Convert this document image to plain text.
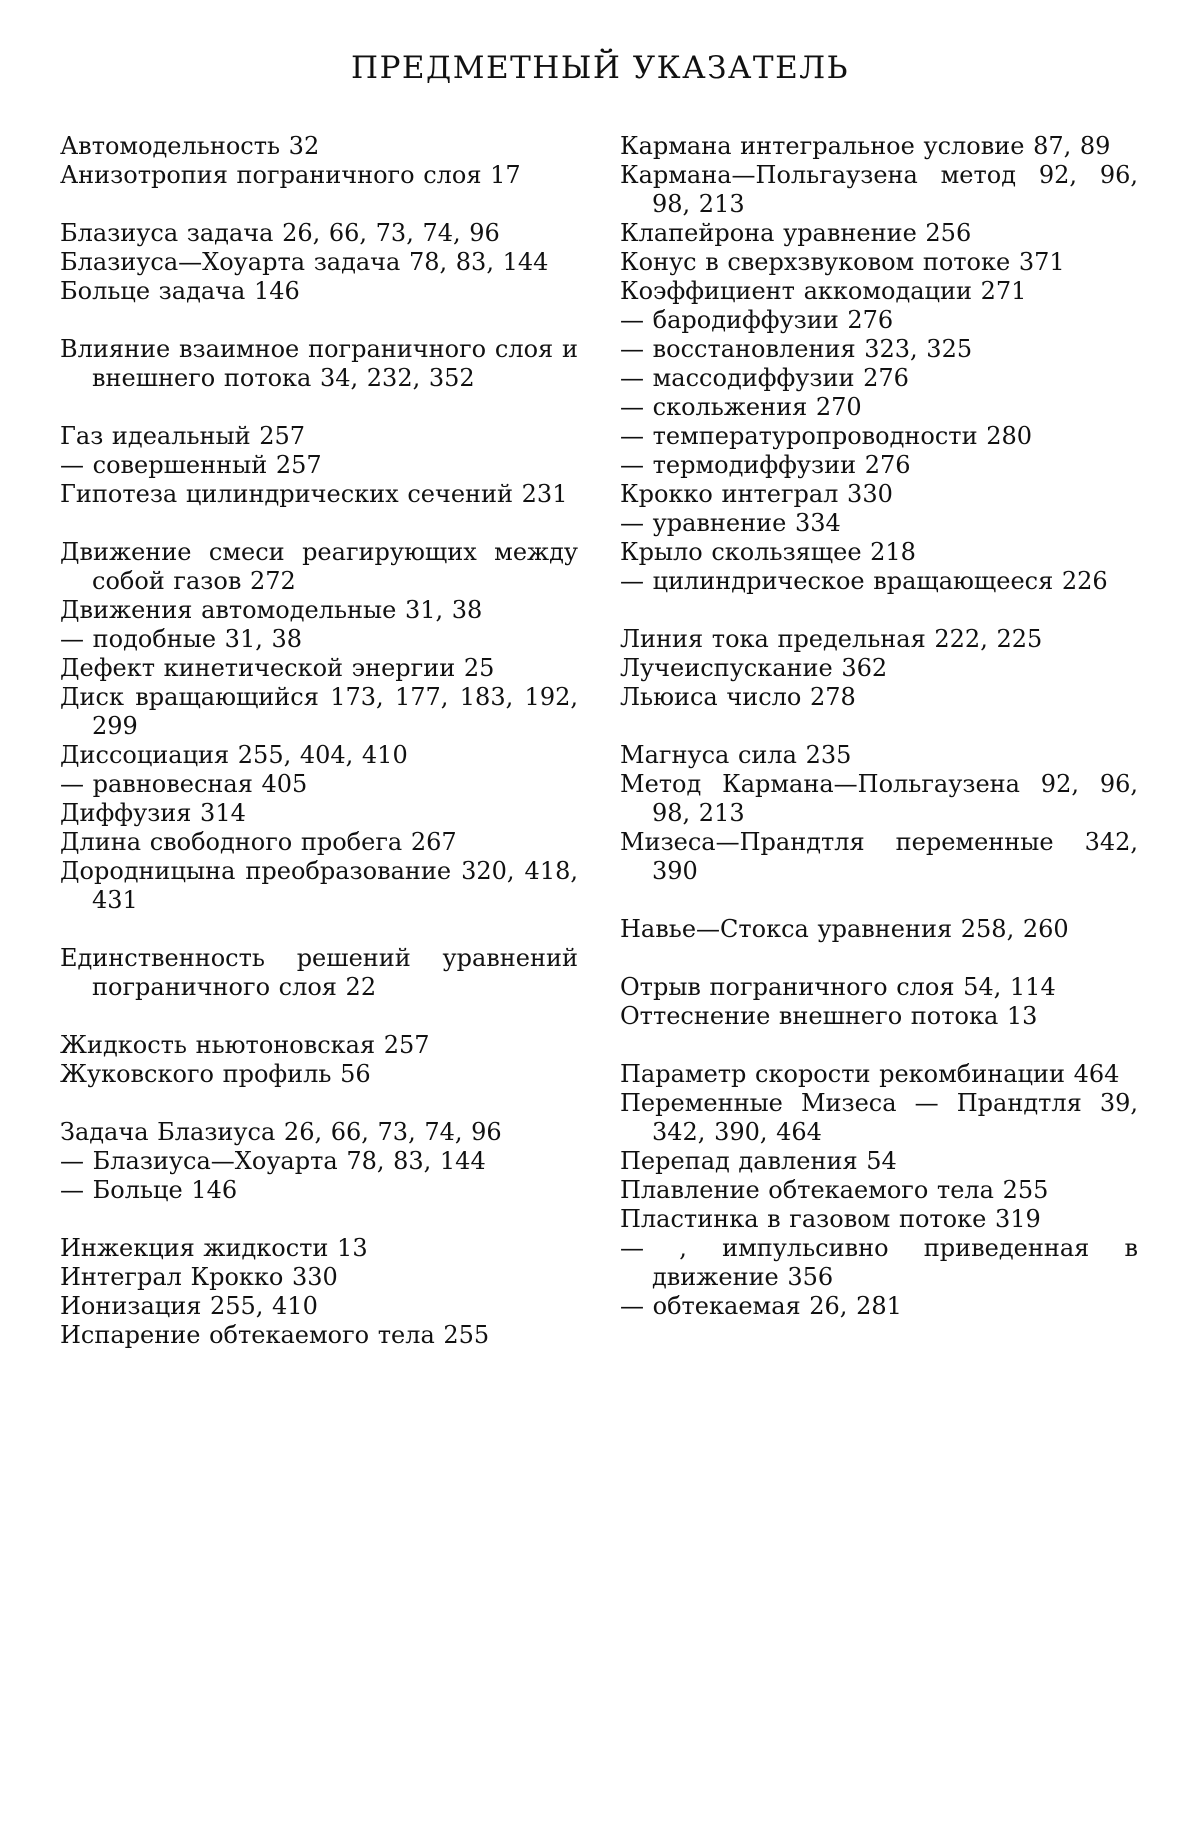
ПРЕДМЕТНЫЙ УКАЗАТЕЛЬ
Автомодельность 32
Анизотропия пограничного слоя 17
Блазиуса задача 26, 66, 73, 74, 96
Блазиуса—Хоуарта задача 78, 83, 144
Больце задача 146
Влияние взаимное пограничного слоя и внешнего потока 34, 232, 352
Газ идеальный 257
— совершенный 257
Гипотеза цилиндрических сечений 231
Движение смеси реагирующих между собой газов 272
Движения автомодельные 31, 38
— подобные 31, 38
Дефект кинетической энергии 25
Диск вращающийся 173, 177, 183, 192, 299
Диссоциация 255, 404, 410
— равновесная 405
Диффузия 314
Длина свободного пробега 267
Дородницына преобразование 320, 418, 431
Единственность решений уравнений пограничного слоя 22
Жидкость ньютоновская 257
Жуковского профиль 56
Задача Блазиуса 26, 66, 73, 74, 96
— Блазиуса—Хоуарта 78, 83, 144
— Больце 146
Инжекция жидкости 13
Интеграл Крокко 330
Ионизация 255, 410
Испарение обтекаемого тела 255
Кармана интегральное условие 87, 89
Кармана—Польгаузена метод 92, 96, 98, 213
Клапейрона уравнение 256
Конус в сверхзвуковом потоке 371
Коэффициент аккомодации 271
— бародиффузии 276
— восстановления 323, 325
— массодиффузии 276
— скольжения 270
— температуропроводности 280
— термодиффузии 276
Крокко интеграл 330
— уравнение 334
Крыло скользящее 218
— цилиндрическое вращающееся 226
Линия тока предельная 222, 225
Лучеиспускание 362
Льюиса число 278
Магнуса сила 235
Метод Кармана—Польгаузена 92, 96, 98, 213
Мизеса—Прандтля переменные 342, 390
Навье—Стокса уравнения 258, 260
Отрыв пограничного слоя 54, 114
Оттеснение внешнего потока 13
Параметр скорости рекомбинации 464
Переменные Мизеса — Прандтля 39, 342, 390, 464
Перепад давления 54
Плавление обтекаемого тела 255
Пластинка в газовом потоке 319
— , импульсивно приведенная в движение 356
— обтекаемая 26, 281
